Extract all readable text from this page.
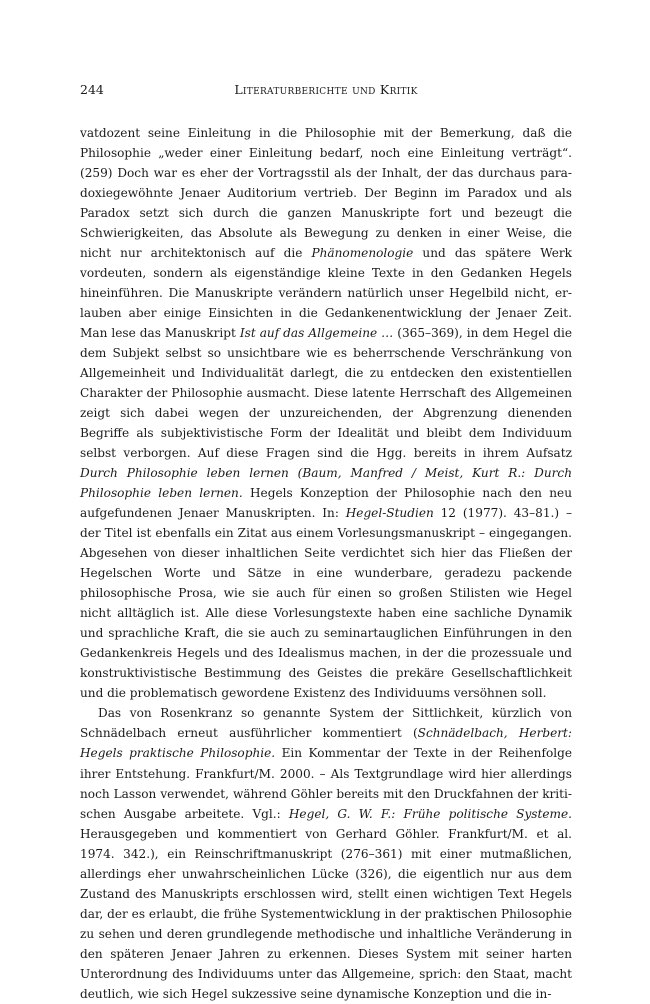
244	Literaturberichte und Kritik

vatdozent seine Einleitung in die Philosophie mit der Bemerkung, daß die Philosophie „weder einer Einleitung bedarf, noch eine Einleitung verträgt“. (259) Doch war es eher der Vortragsstil als der Inhalt, der das durchaus paradoxiegewöhnte Jenaer Auditorium vertrieb. Der Beginn im Paradox und als Paradox setzt sich durch die ganzen Manuskripte fort und bezeugt die Schwierigkeiten, das Absolute als Bewegung zu denken in einer Weise, die nicht nur architektonisch auf die Phänomenologie und das spätere Werk vordeuten, sondern als eigenständige kleine Texte in den Gedanken Hegels hineinführen. Die Manuskripte verändern natürlich unser Hegelbild nicht, erlauben aber einige Einsichten in die Gedankenentwicklung der Jenaer Zeit. Man lese das Manuskript Ist auf das Allgemeine … (365–369), in dem Hegel die dem Subjekt selbst so unsichtbare wie es beherrschende Verschränkung von Allgemeinheit und Individualität darlegt, die zu entdecken den existentiellen Charakter der Philosophie ausmacht. Diese latente Herrschaft des Allgemeinen zeigt sich dabei wegen der unzureichenden, der Abgrenzung dienenden Begriffe als subjektivistische Form der Idealität und bleibt dem Individuum selbst verborgen. Auf diese Fragen sind die Hgg. bereits in ihrem Aufsatz Durch Philosophie leben lernen (Baum, Manfred / Meist, Kurt R.: Durch Philosophie leben lernen. Hegels Konzeption der Philosophie nach den neu aufgefundenen Jenaer Manuskripten. In: Hegel-Studien 12 (1977). 43–81.) – der Titel ist ebenfalls ein Zitat aus einem Vorlesungsmanuskript – eingegangen. Abgesehen von dieser inhaltlichen Seite verdichtet sich hier das Fließen der Hegelschen Worte und Sätze in eine wunderbare, geradezu packende philosophische Prosa, wie sie auch für einen so großen Stilisten wie Hegel nicht alltäglich ist. Alle diese Vorlesungstexte haben eine sachliche Dynamik und sprachliche Kraft, die sie auch zu seminartauglichen Einführungen in den Gedankenkreis Hegels und des Idealismus machen, in der die prozessuale und konstruktivistische Bestimmung des Geistes die prekäre Gesellschaftlichkeit und die problematisch gewordene Existenz des Individuums versöhnen soll.

Das von Rosenkranz so genannte System der Sittlichkeit, kürzlich von Schnädelbach erneut ausführlicher kommentiert (Schnädelbach, Herbert: Hegels praktische Philosophie. Ein Kommentar der Texte in der Reihenfolge ihrer Entstehung. Frankfurt/M. 2000. – Als Textgrundlage wird hier allerdings noch Lasson verwendet, während Göhler bereits mit den Druckfahnen der kritischen Ausgabe arbeitete. Vgl.: Hegel, G. W. F.: Frühe politische Systeme. Herausgegeben und kommentiert von Gerhard Göhler. Frankfurt/M. et al. 1974. 342.), ein Reinschriftmanuskript (276–361) mit einer mutmaßlichen, allerdings eher unwahrscheinlichen Lücke (326), die eigentlich nur aus dem Zustand des Manuskripts erschlossen wird, stellt einen wichtigen Text Hegels dar, der es erlaubt, die frühe Systementwicklung in der praktischen Philosophie zu sehen und deren grundlegende methodische und inhaltliche Veränderung in den späteren Jenaer Jahren zu erkennen. Dieses System mit seiner harten Unterordnung des Individuums unter das Allgemeine, sprich: den Staat, macht deutlich, wie sich Hegel sukzessive seine dynamische Konzeption und die in-
